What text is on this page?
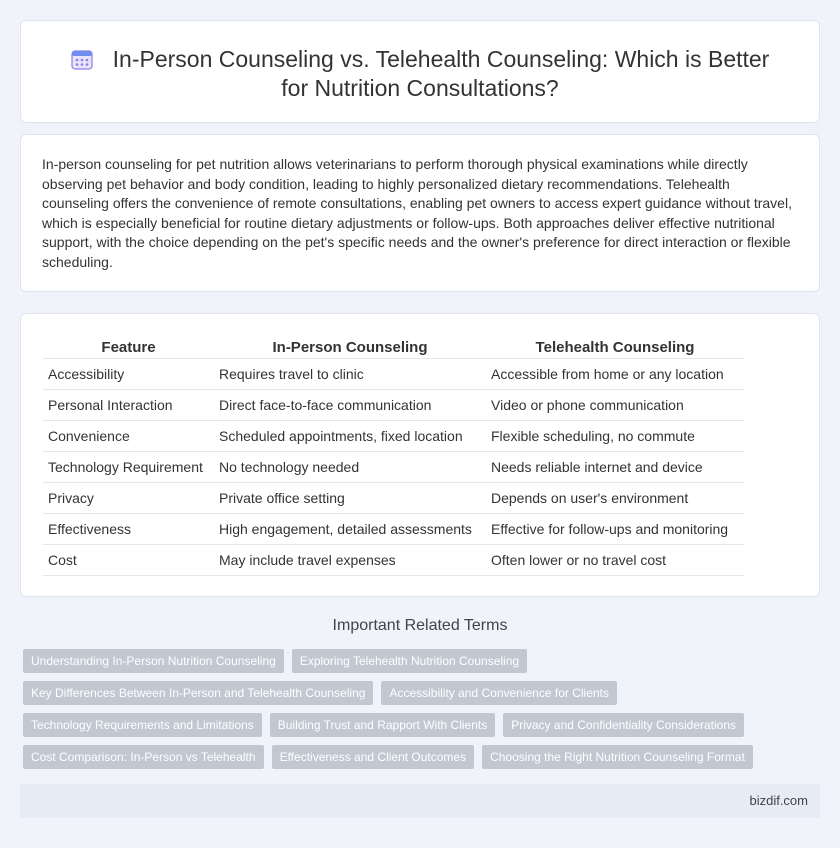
In-Person Counseling vs. Telehealth Counseling: Which is Better for Nutrition Consultations?

In-person counseling for pet nutrition allows veterinarians to perform thorough physical examinations while directly observing pet behavior and body condition, leading to highly personalized dietary recommendations. Telehealth counseling offers the convenience of remote consultations, enabling pet owners to access expert guidance without travel, which is especially beneficial for routine dietary adjustments or follow-ups. Both approaches deliver effective nutritional support, with the choice depending on the pet's specific needs and the owner's preference for direct interaction or flexible scheduling.

Feature	In-Person Counseling	Telehealth Counseling
Accessibility	Requires travel to clinic	Accessible from home or any location
Personal Interaction	Direct face-to-face communication	Video or phone communication
Convenience	Scheduled appointments, fixed location	Flexible scheduling, no commute
Technology Requirement	No technology needed	Needs reliable internet and device
Privacy	Private office setting	Depends on user's environment
Effectiveness	High engagement, detailed assessments	Effective for follow-ups and monitoring
Cost	May include travel expenses	Often lower or no travel cost
Important Related Terms
Understanding In-Person Nutrition Counseling	Exploring Telehealth Nutrition Counseling
Key Differences Between In-Person and Telehealth Counseling	Accessibility and Convenience for Clients
Technology Requirements and Limitations	Building Trust and Rapport With Clients	Privacy and Confidentiality Considerations
Cost Comparison: In-Person vs Telehealth	Effectiveness and Client Outcomes	Choosing the Right Nutrition Counseling Format
bizdif.com
